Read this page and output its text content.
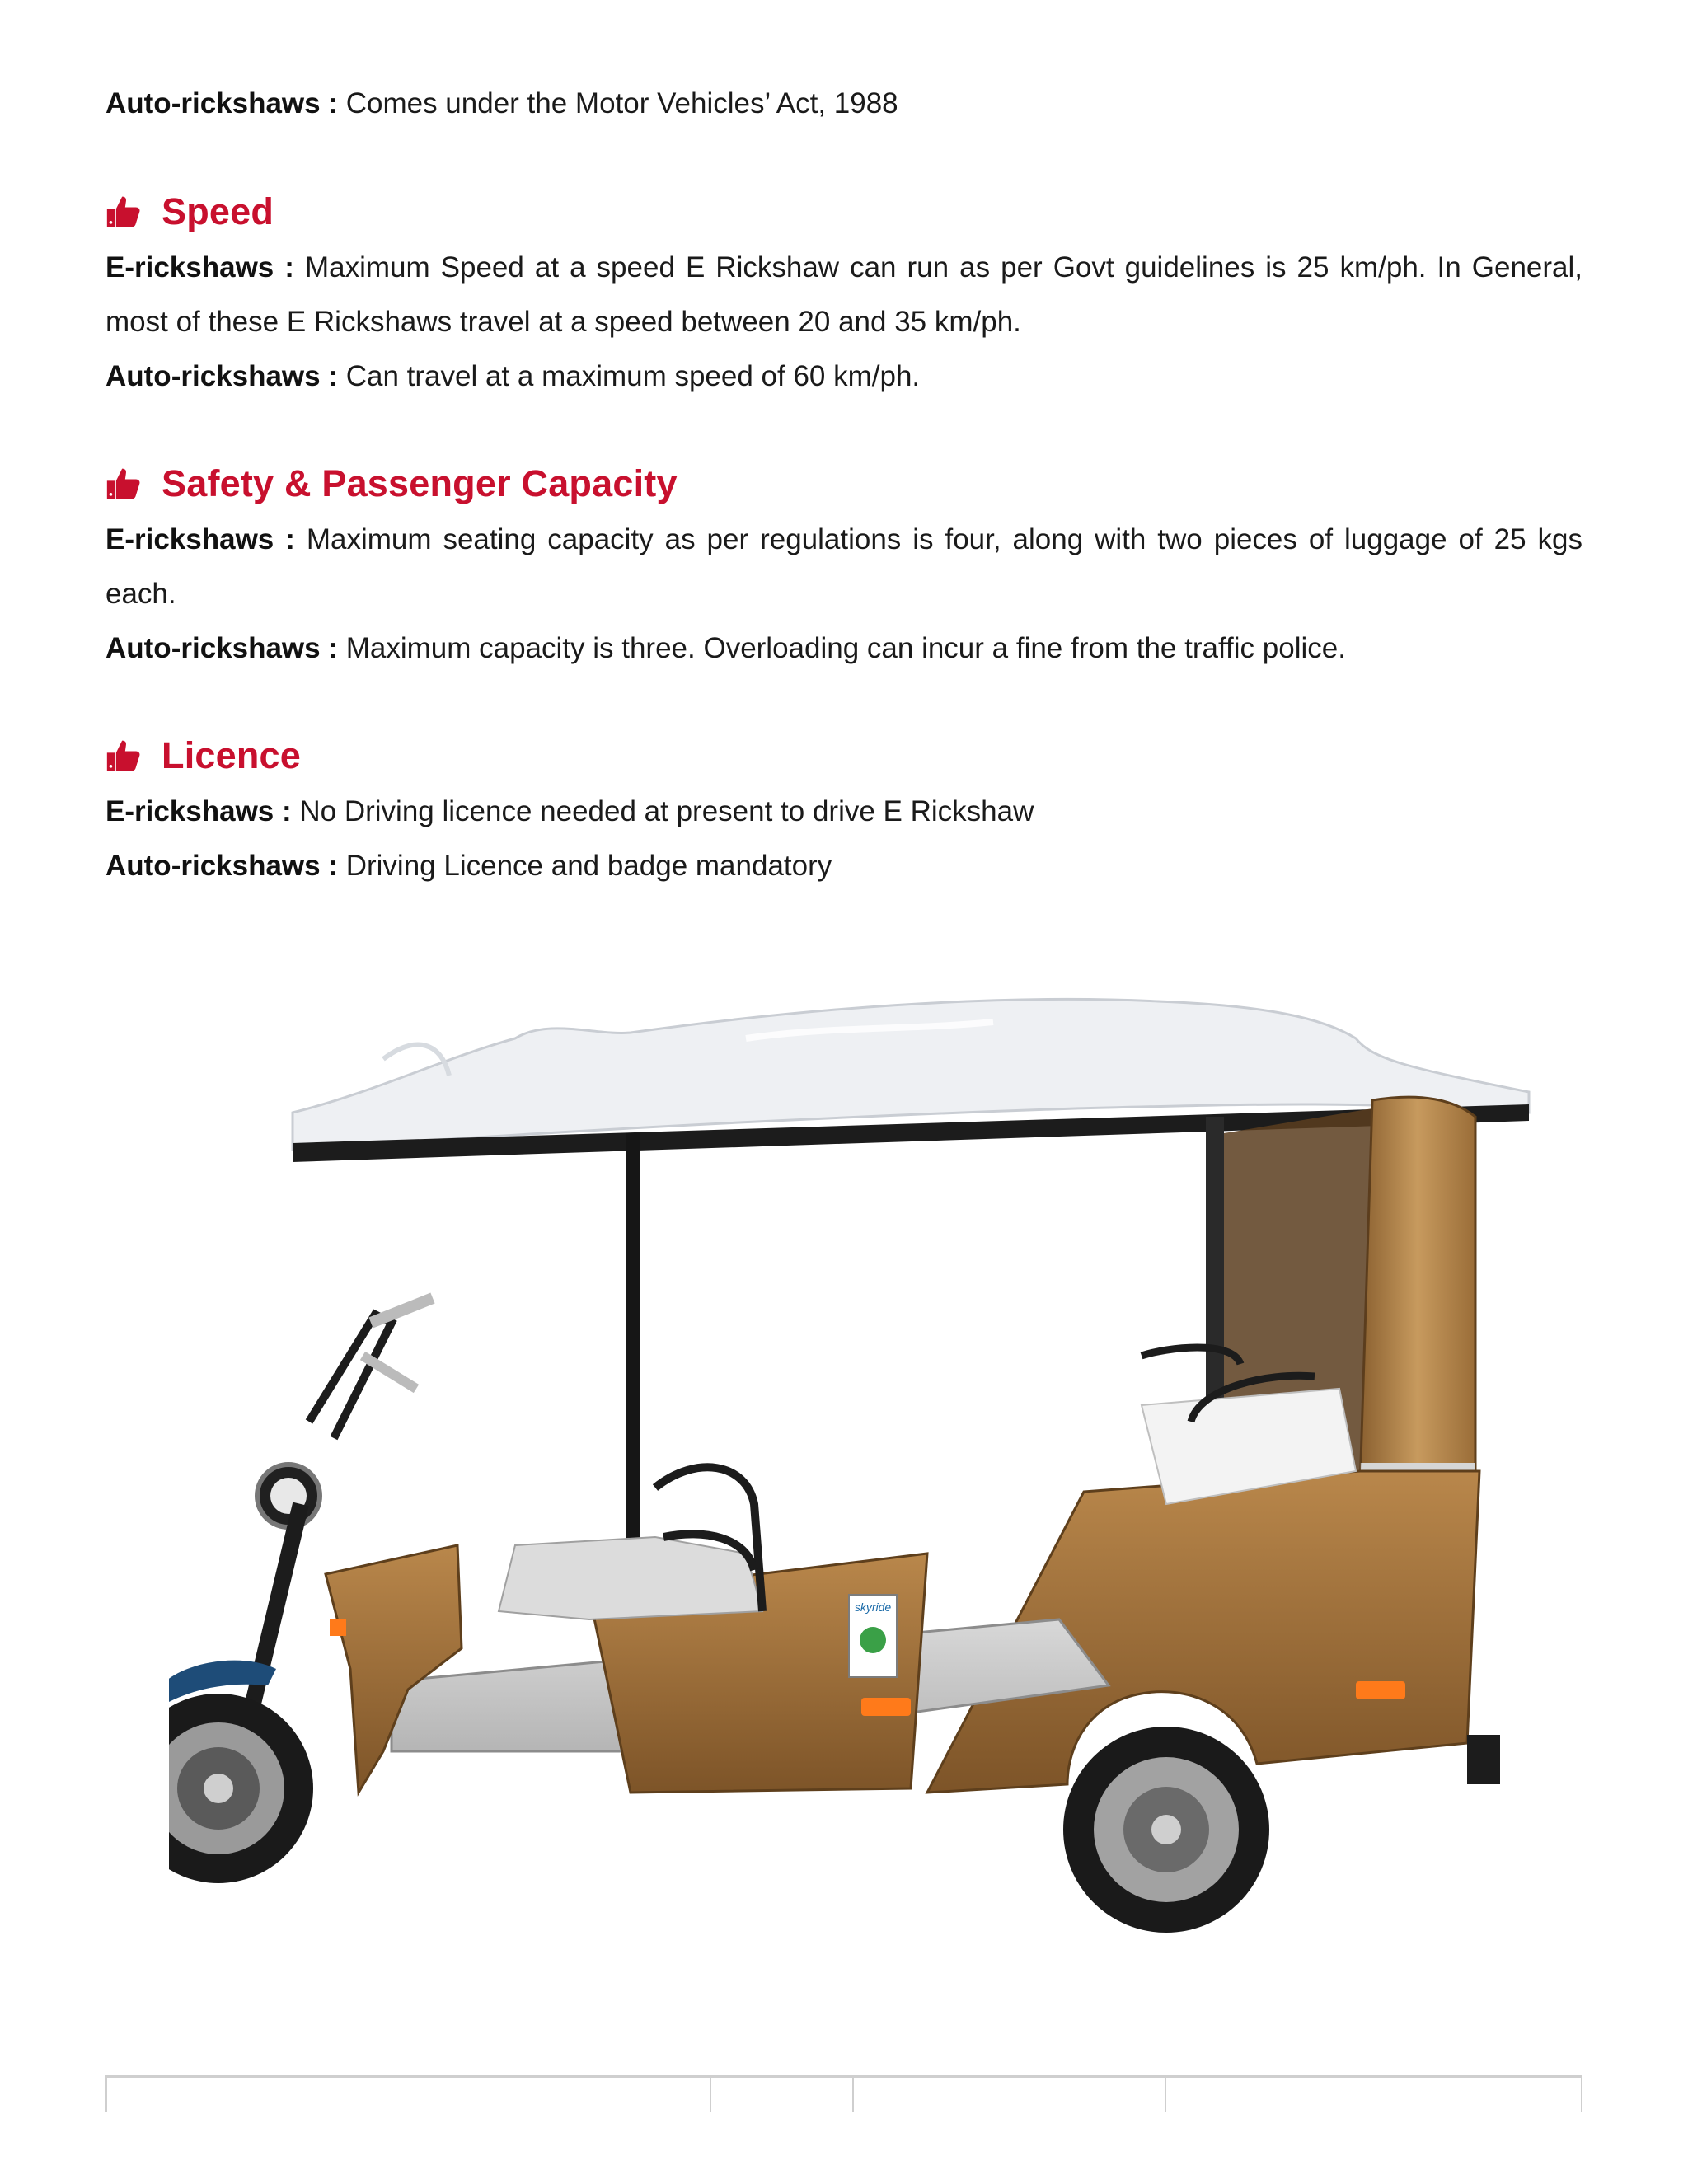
Auto-rickshaws : Comes under the Motor Vehicles’ Act, 1988

Speed

E-rickshaws : Maximum Speed at a speed E Rickshaw can run as per Govt guidelines is 25 km/ph. In General, most of these E Rickshaws travel at a speed between 20 and 35 km/ph.

Auto-rickshaws : Can travel at a maximum speed of 60 km/ph.

Safety & Passenger Capacity

E-rickshaws : Maximum seating capacity as per regulations is four, along with two pieces of luggage of 25 kgs each.

Auto-rickshaws : Maximum capacity is three. Overloading can incur a fine from the traffic police.

Licence

E-rickshaws : No Driving licence needed at present to drive E Rickshaw

Auto-rickshaws : Driving Licence and badge mandatory

skyride
